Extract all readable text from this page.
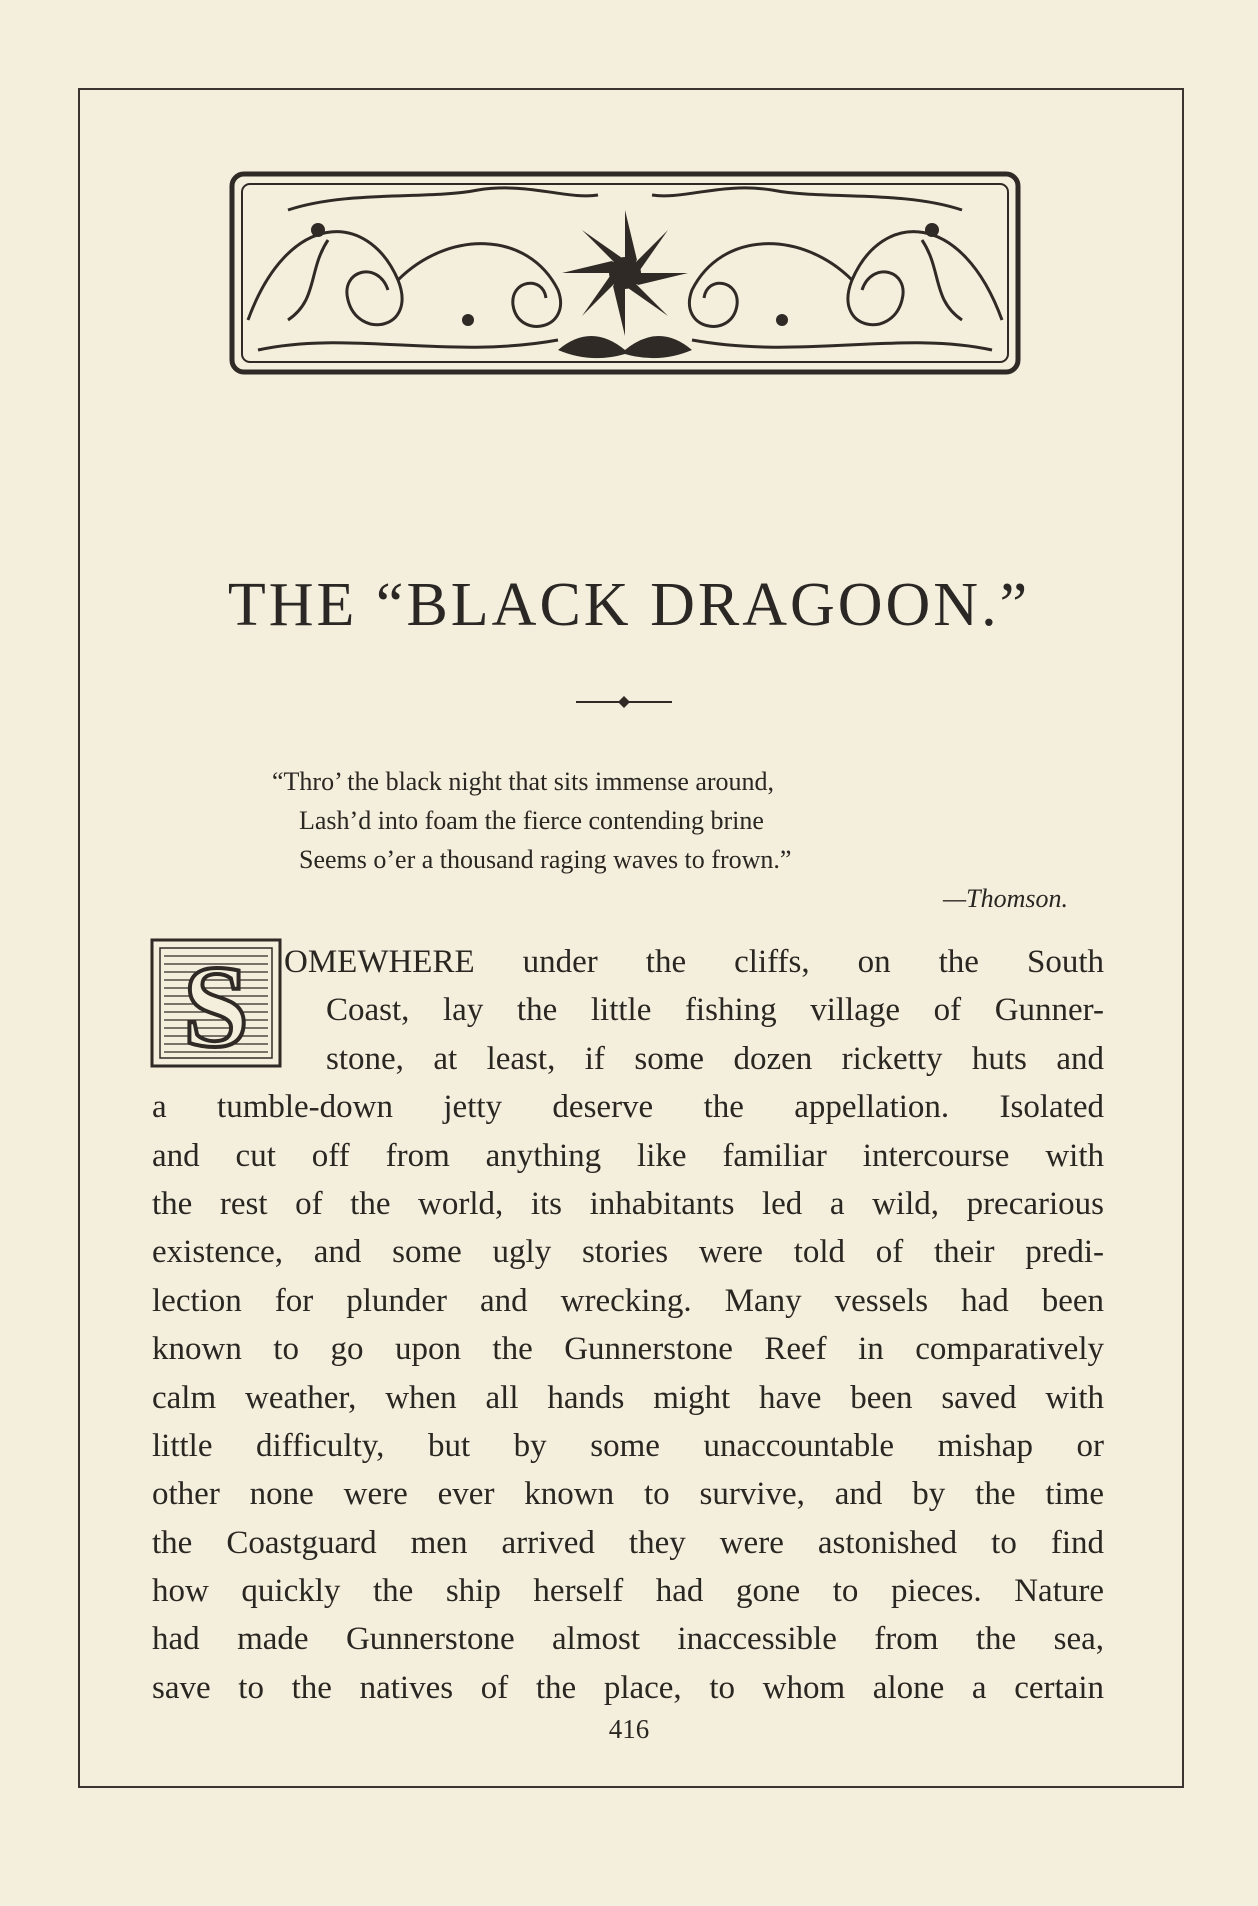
THE “BLACK DRAGOON.”
“Thro’ the black night that sits immense around,
Lash’d into foam the fierce contending brine
Seems o’er a thousand raging waves to frown.”
—Thomson.
S OMEWHERE under the cliffs, on the South
Coast, lay the little fishing village of Gunner-
stone, at least, if some dozen ricketty huts and
a tumble-down jetty deserve the appellation. Isolated
and cut off from anything like familiar intercourse with
the rest of the world, its inhabitants led a wild, precarious
existence, and some ugly stories were told of their predi-
lection for plunder and wrecking. Many vessels had been
known to go upon the Gunnerstone Reef in comparatively
calm weather, when all hands might have been saved with
little difficulty, but by some unaccountable mishap or
other none were ever known to survive, and by the time
the Coastguard men arrived they were astonished to find
how quickly the ship herself had gone to pieces. Nature
had made Gunnerstone almost inaccessible from the sea,
save to the natives of the place, to whom alone a certain
416
